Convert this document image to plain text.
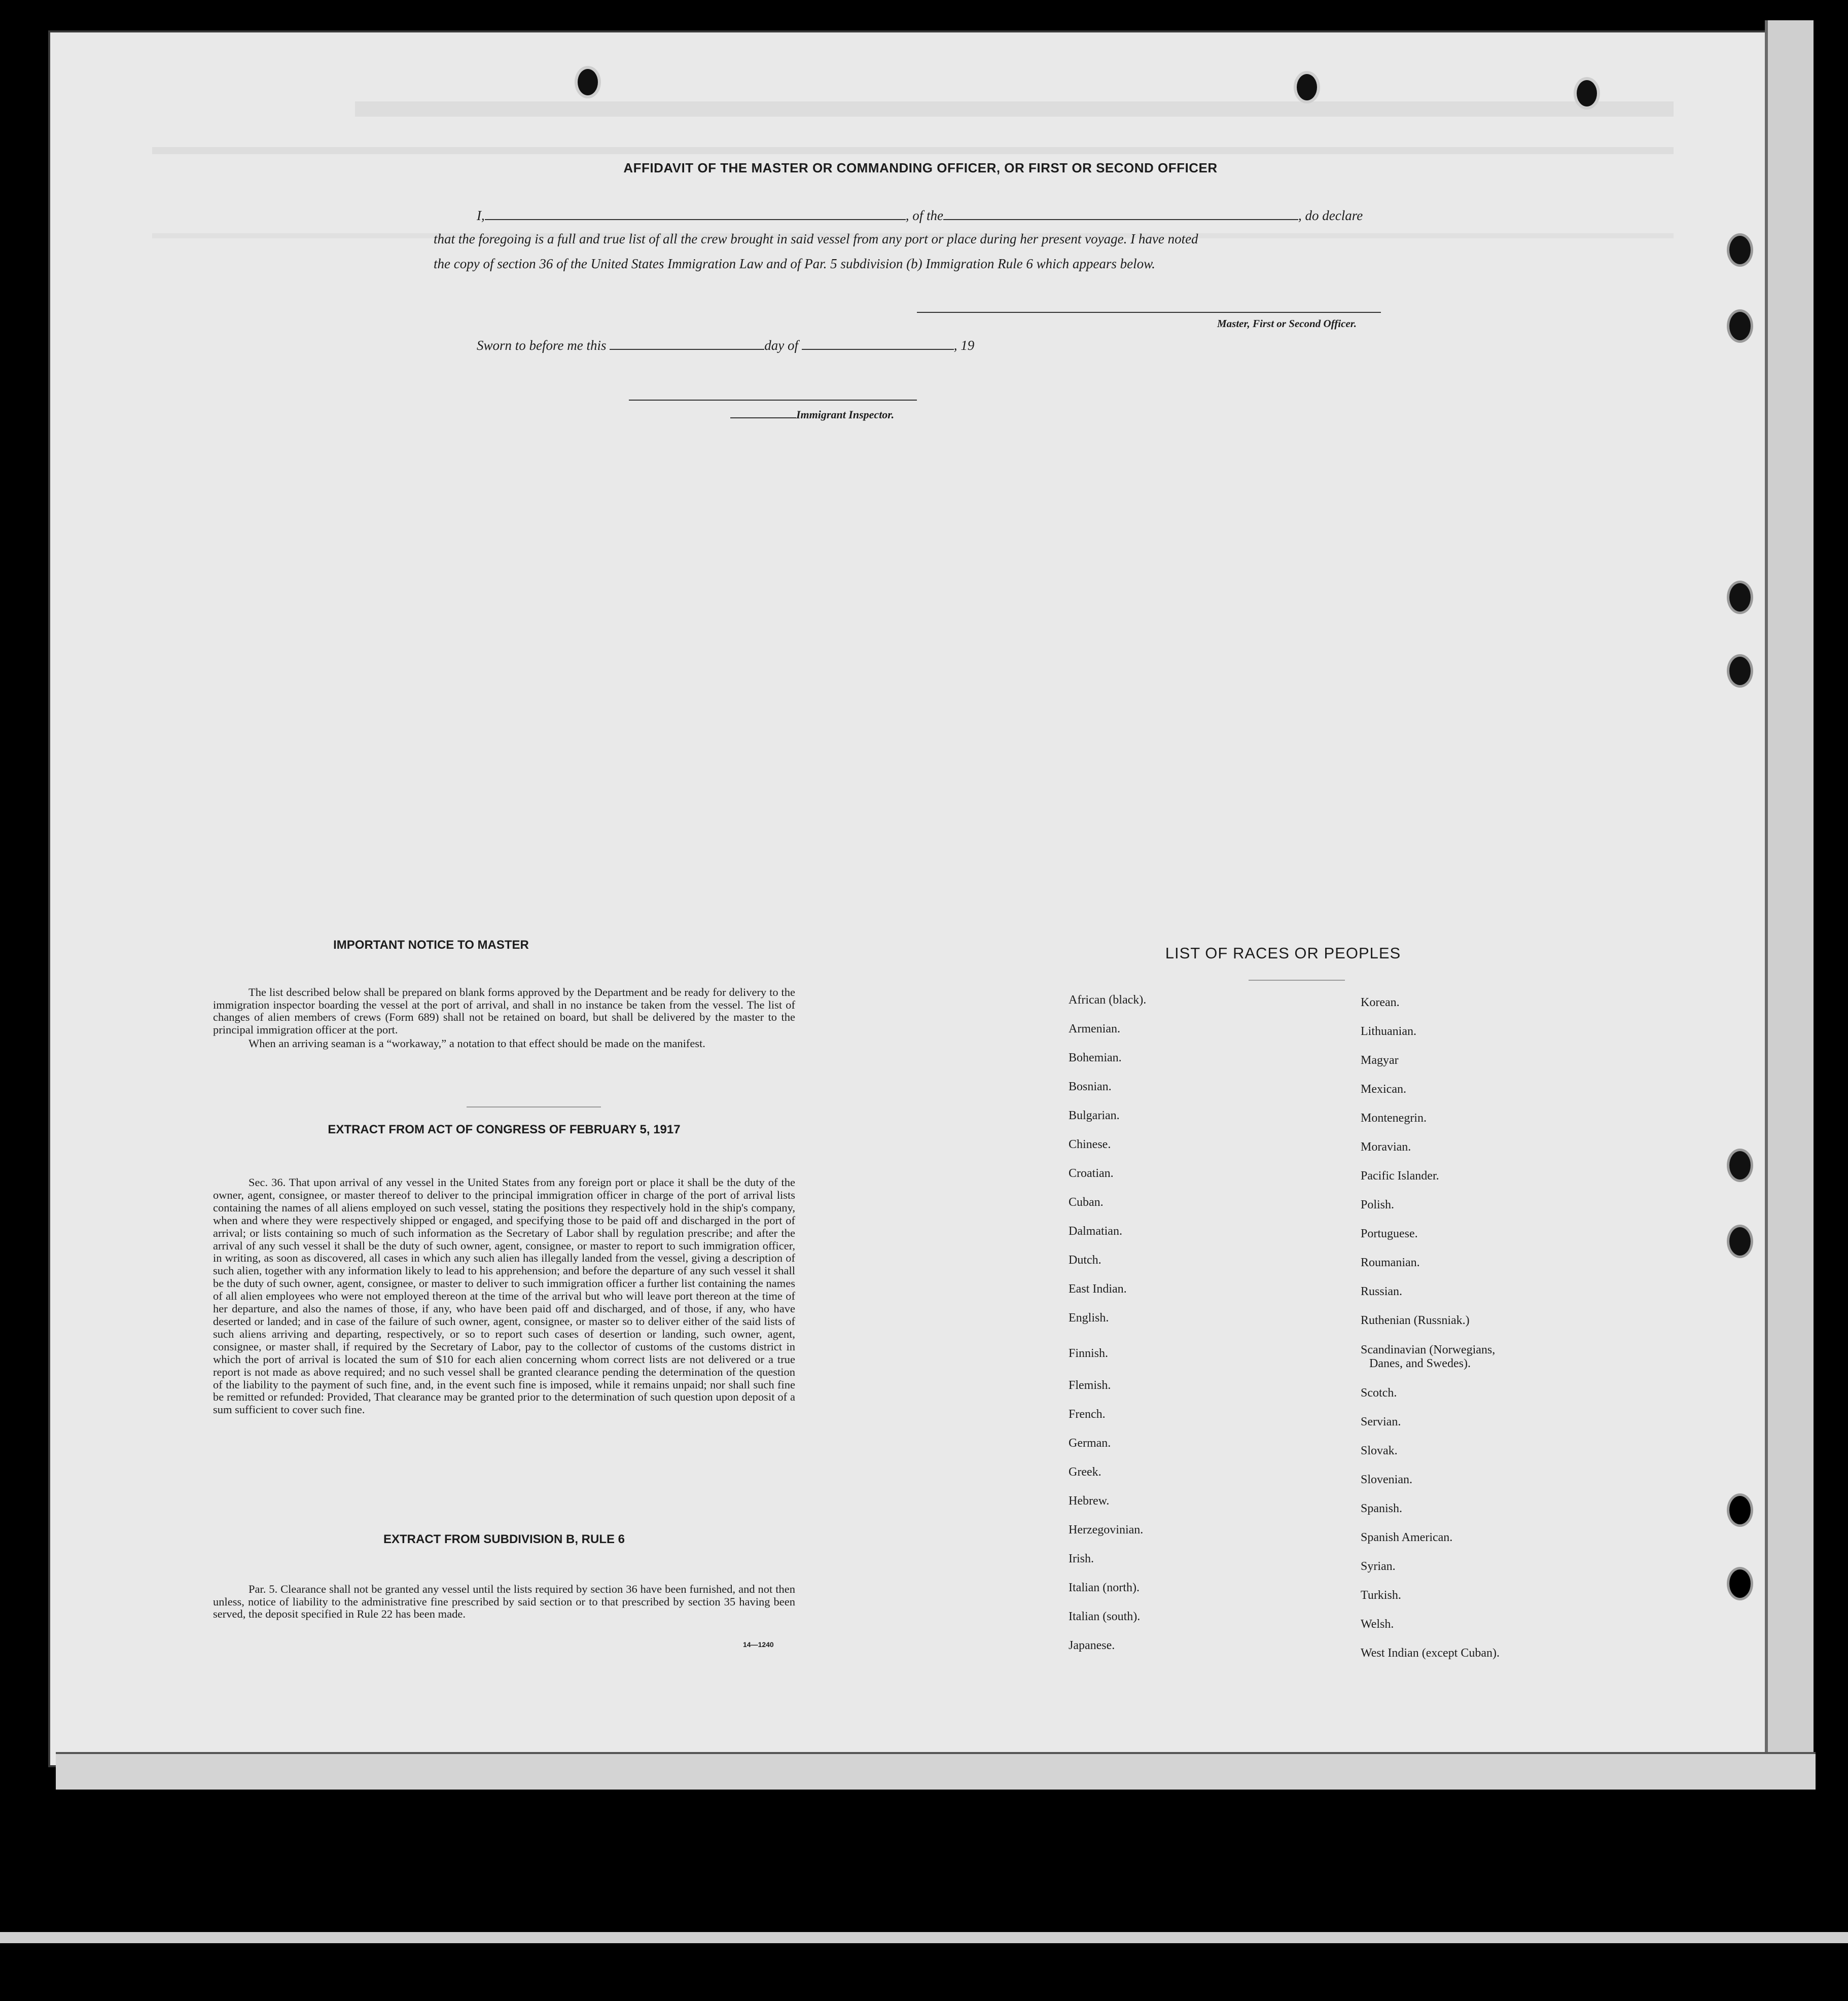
AFFIDAVIT OF THE MASTER OR COMMANDING OFFICER, OR FIRST OR SECOND OFFICER
I,	, of the	, do declare
that the foregoing is a full and true list of all the crew brought in said vessel from any port or place during her present voyage. I have noted
the copy of section 36 of the United States Immigration Law and of Par. 5 subdivision (b) Immigration Rule 6 which appears below.
Master, First or Second Officer.
Sworn to before me this	day of	, 19
Immigrant Inspector.
IMPORTANT NOTICE TO MASTER

The list described below shall be prepared on blank forms approved by the Department and be ready for delivery to the immigration inspector boarding the vessel at the port of arrival, and shall in no instance be taken from the vessel. The list of changes of alien members of crews (Form 689) shall not be retained on board, but shall be delivered by the master to the principal immigration officer at the port.

When an arriving seaman is a “workaway,” a notation to that effect should be made on the manifest.

EXTRACT FROM ACT OF CONGRESS OF FEBRUARY 5, 1917

Sec. 36. That upon arrival of any vessel in the United States from any foreign port or place it shall be the duty of the owner, agent, consignee, or master thereof to deliver to the principal immigration officer in charge of the port of arrival lists containing the names of all aliens employed on such vessel, stating the positions they respectively hold in the ship's company, when and where they were respectively shipped or engaged, and specifying those to be paid off and discharged in the port of arrival; or lists containing so much of such information as the Secretary of Labor shall by regulation prescribe; and after the arrival of any such vessel it shall be the duty of such owner, agent, consignee, or master to report to such immigration officer, in writing, as soon as discovered, all cases in which any such alien has illegally landed from the vessel, giving a description of such alien, together with any information likely to lead to his apprehension; and before the departure of any such vessel it shall be the duty of such owner, agent, consignee, or master to deliver to such immigration officer a further list containing the names of all alien employees who were not employed thereon at the time of the arrival but who will leave port thereon at the time of her departure, and also the names of those, if any, who have been paid off and discharged, and of those, if any, who have deserted or landed; and in case of the failure of such owner, agent, consignee, or master so to deliver either of the said lists of such aliens arriving and departing, respectively, or so to report such cases of desertion or landing, such owner, agent, consignee, or master shall, if required by the Secretary of Labor, pay to the collector of customs of the customs district in which the port of arrival is located the sum of $10 for each alien concerning whom correct lists are not delivered or a true report is not made as above required; and no such vessel shall be granted clearance pending the determination of the question of the liability to the payment of such fine, and, in the event such fine is imposed, while it remains unpaid; nor shall such fine be remitted or refunded: Provided, That clearance may be granted prior to the determination of such question upon deposit of a sum sufficient to cover such fine.

EXTRACT FROM SUBDIVISION B, RULE 6

Par. 5. Clearance shall not be granted any vessel until the lists required by section 36 have been furnished, and not then unless, notice of liability to the administrative fine prescribed by said section or to that prescribed by section 35 having been served, the deposit specified in Rule 22 has been made.

14—1240
LIST OF RACES OR PEOPLES
African (black).
Armenian.
Bohemian.
Bosnian.
Bulgarian.
Chinese.
Croatian.
Cuban.
Dalmatian.
Dutch.
East Indian.
English.
Finnish.
Flemish.
French.
German.
Greek.
Hebrew.
Herzegovinian.
Irish.
Italian (north).
Italian (south).
Japanese.
Korean.
Lithuanian.
Magyar
Mexican.
Montenegrin.
Moravian.
Pacific Islander.
Polish.
Portuguese.
Roumanian.
Russian.
Ruthenian (Russniak.)
Scandinavian (Norwegians,
Scotch.
Servian.
Slovak.
Slovenian.
Spanish.
Spanish American.
Syrian.
Turkish.
Welsh.
West Indian (except Cuban).
Danes, and Swedes).
